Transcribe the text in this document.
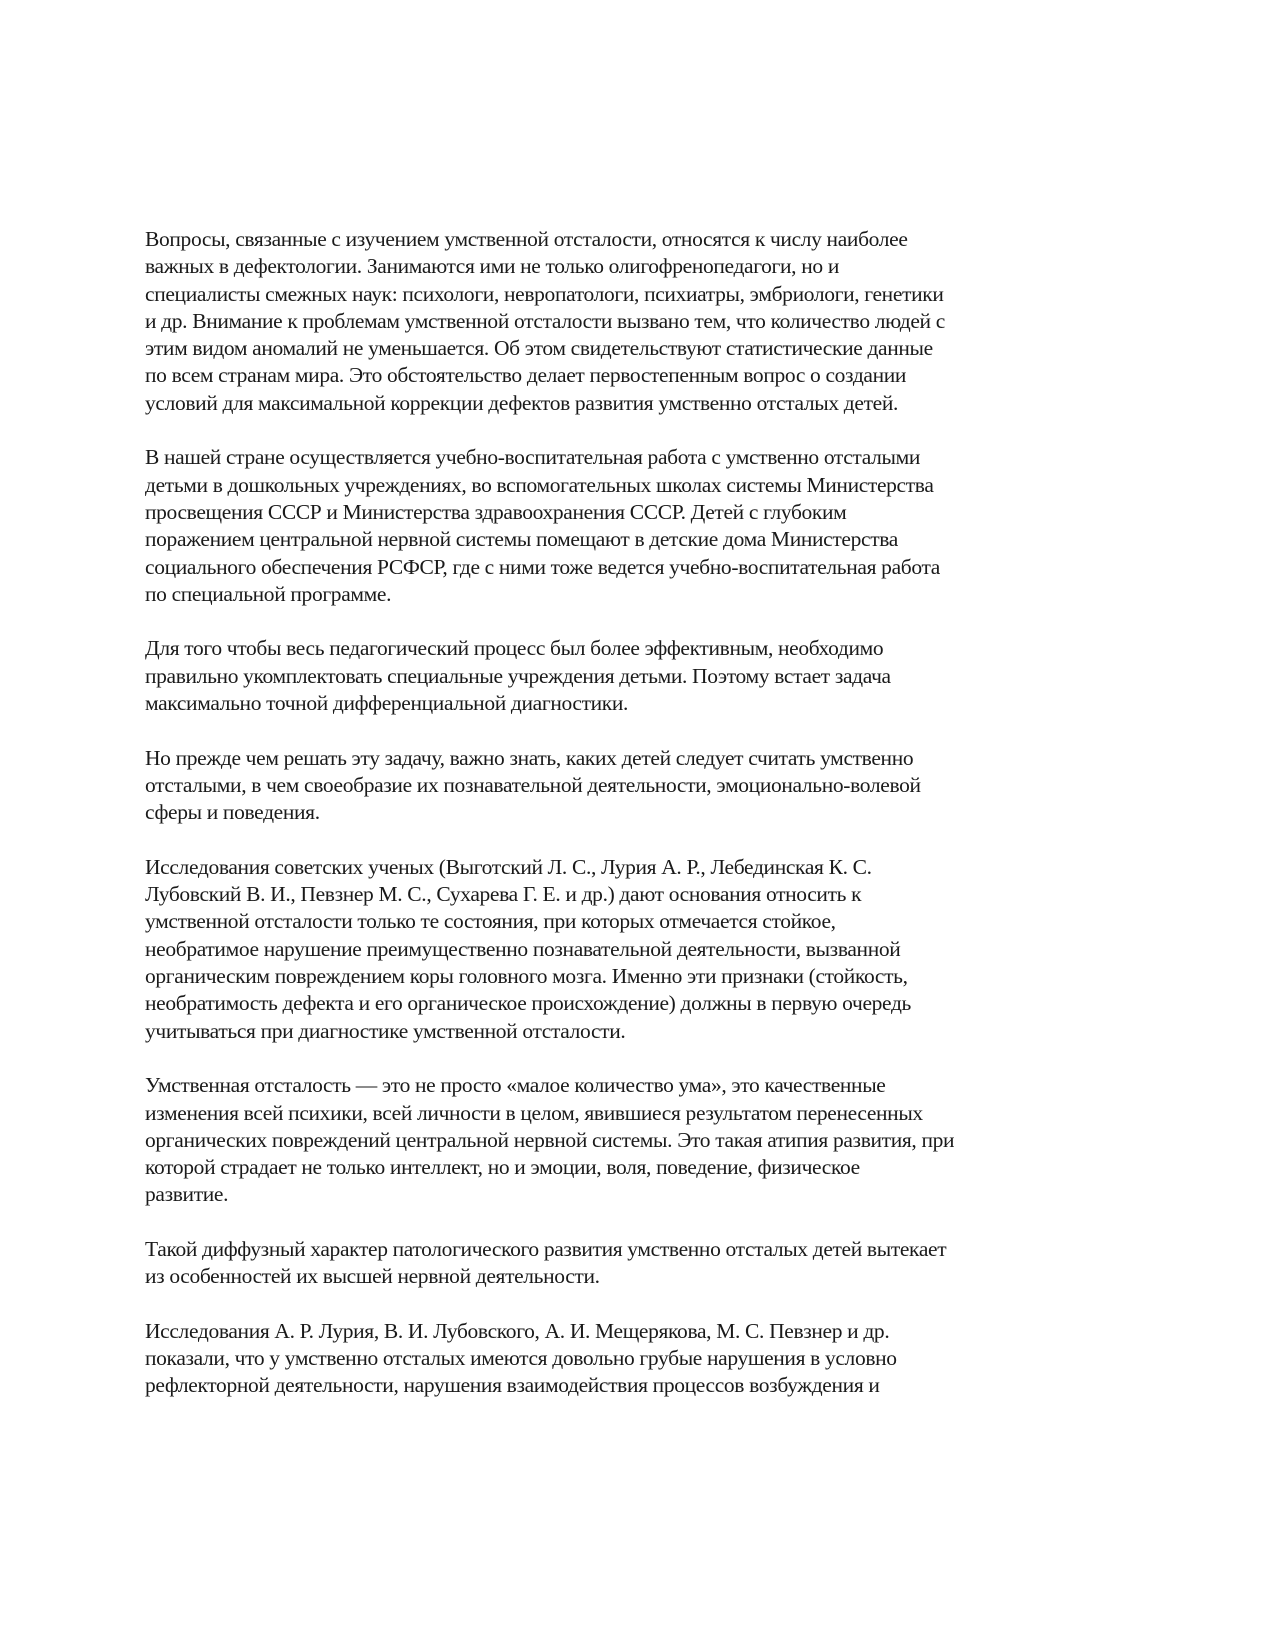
Вопросы, связанные с изучением умственной отсталости, относятся к числу наиболее
важных в дефектологии. Занимаются ими не только олигофренопедагоги, но и
специалисты смежных наук: психологи, невропатологи, психиатры, эмбриологи, генетики
и др. Внимание к проблемам умственной отсталости вызвано тем, что количество людей с
этим видом аномалий не уменьшается. Об этом свидетельствуют статистические данные
по всем странам мира. Это обстоятельство делает первостепенным вопрос о создании
условий для максимальной коррекции дефектов развития умственно отсталых детей.

В нашей стране осуществляется учебно-воспитательная работа с умственно отсталыми
детьми в дошкольных учреждениях, во вспомогательных школах системы Министерства
просвещения СССР и Министерства здравоохранения СССР. Детей с глубоким
поражением центральной нервной системы помещают в детские дома Министерства
социального обеспечения РСФСР, где с ними тоже ведется учебно-воспитательная работа
по специальной программе.

Для того чтобы весь педагогический процесс был более эффективным, необходимо
правильно укомплектовать специальные учреждения детьми. Поэтому встает задача
максимально точной дифференциальной диагностики.

Но прежде чем решать эту задачу, важно знать, каких детей следует считать умственно
отсталыми, в чем своеобразие их познавательной деятельности, эмоционально-волевой
сферы и поведения.

Исследования советских ученых (Выготский Л. С., Лурия А. Р., Лебединская К. С.
Лубовский В. И., Певзнер М. С., Сухарева Г. Е. и др.) дают основания относить к
умственной отсталости только те состояния, при которых отмечается стойкое,
необратимое нарушение преимущественно познавательной деятельности, вызванной
органическим повреждением коры головного мозга. Именно эти признаки (стойкость,
необратимость дефекта и его органическое происхождение) должны в первую очередь
учитываться при диагностике умственной отсталости.

Умственная отсталость — это не просто «малое количество ума», это качественные
изменения всей психики, всей личности в целом, явившиеся результатом перенесенных
органических повреждений центральной нервной системы. Это такая атипия развития, при
которой страдает не только интеллект, но и эмоции, воля, поведение, физическое
развитие.

Такой диффузный характер патологического развития умственно отсталых детей вытекает
из особенностей их высшей нервной деятельности.

Исследования А. Р. Лурия, В. И. Лубовского, А. И. Мещерякова, М. С. Певзнер и др.
показали, что у умственно отсталых имеются довольно грубые нарушения в условно
рефлекторной деятельности, нарушения взаимодействия процессов возбуждения и
